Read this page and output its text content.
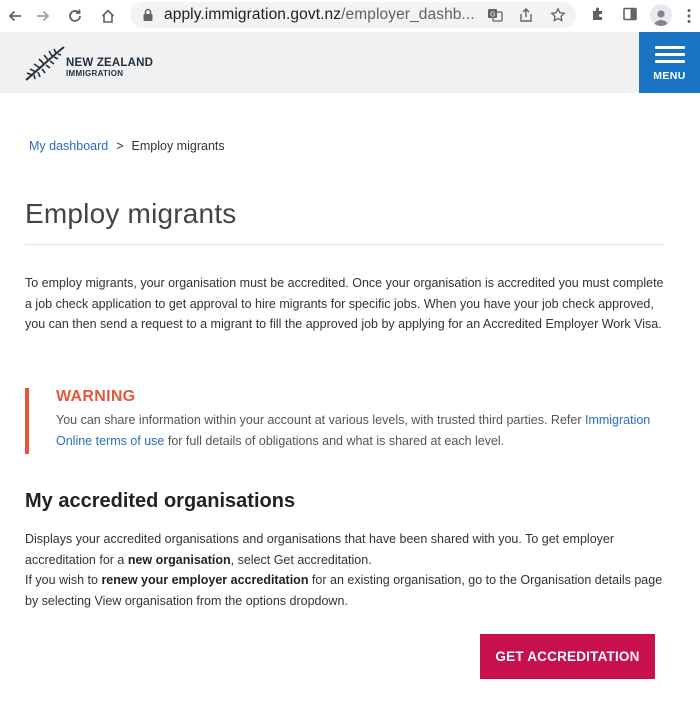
apply.immigration.govt.nz/employer_dashb... G
NEW ZEALAND
IMMIGRATION	MENU
My dashboard > Employ migrants
Employ migrants

To employ migrants, your organisation must be accredited. Once your organisation is accredited you must complete a job check application to get approval to hire migrants for specific jobs. When you have your job check approved, you can then send a request to a migrant to fill the approved job by applying for an Accredited Employer Work Visa.

WARNING

You can share information within your account at various levels, with trusted third parties. Refer Immigration Online terms of use for full details of obligations and what is shared at each level.

My accredited organisations

Displays your accredited organisations and organisations that have been shared with you. To get employer accreditation for a new organisation, select Get accreditation.

If you wish to renew your employer accreditation for an existing organisation, go to the Organisation details page by selecting View organisation from the options dropdown.

GET ACCREDITATION
